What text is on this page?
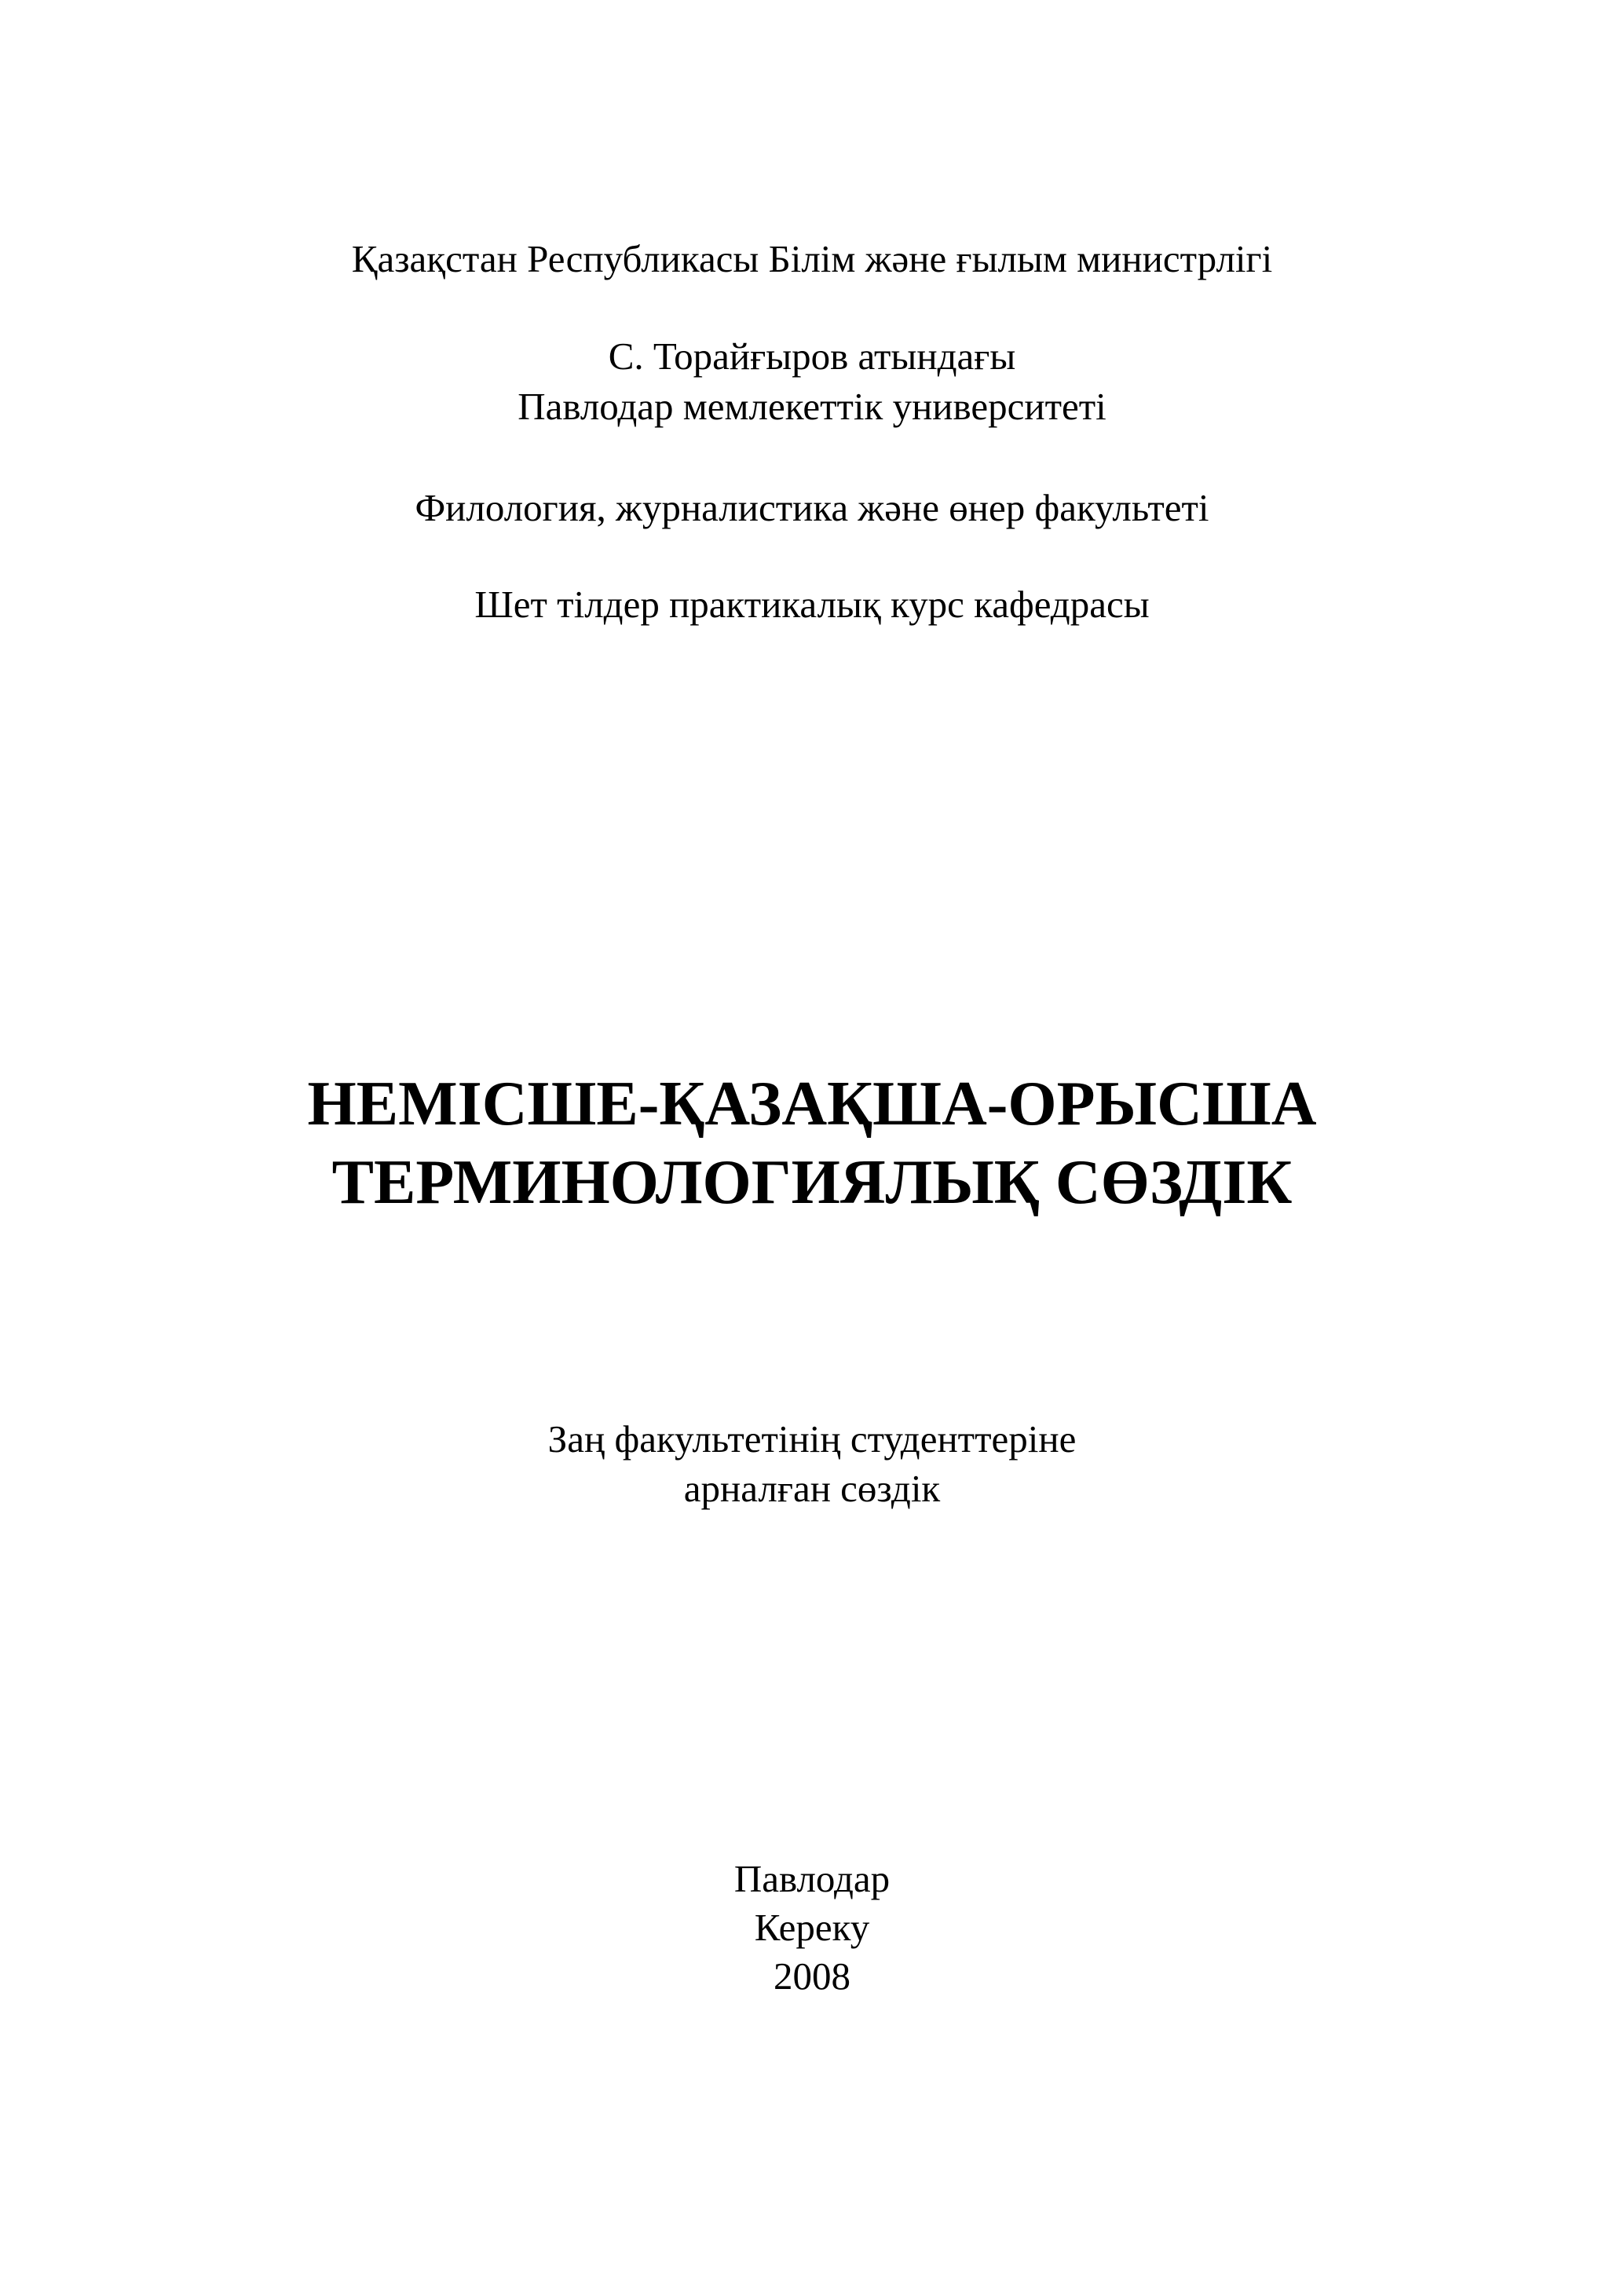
Қазақстан Республикасы Білім және ғылым министрлігі
С. Торайғыров атындағы
Павлодар мемлекеттік университеті
Филология, журналистика және өнер факультеті
Шет тілдер практикалық курс кафедрасы
НЕМІСШЕ-ҚАЗАҚША-ОРЫСША
ТЕРМИНОЛОГИЯЛЫҚ СӨЗДІК
Заң факультетінің студенттеріне
арналған сөздік
Павлодар
Кереку
2008
